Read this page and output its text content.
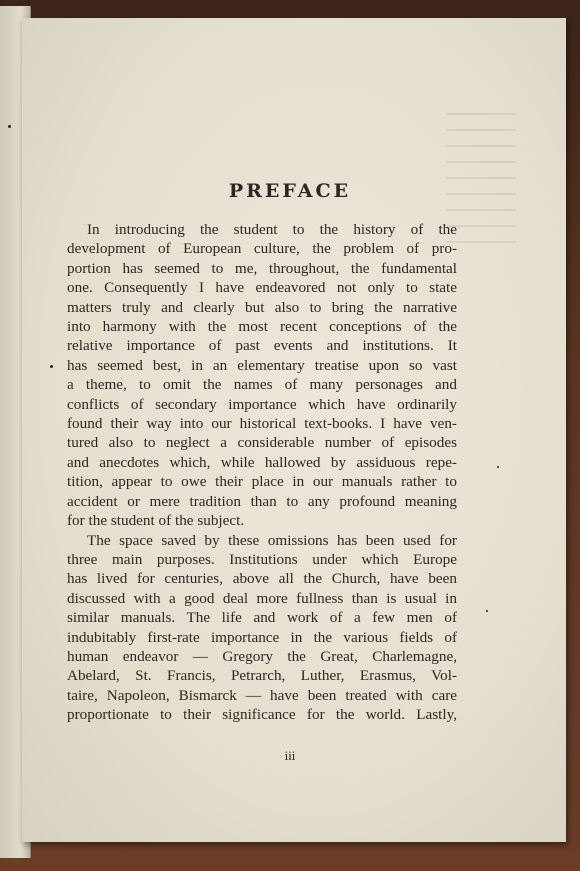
PREFACE
In introducing the student to the history of the
development of European culture, the problem of pro-
portion has seemed to me, throughout, the fundamental
one. Consequently I have endeavored not only to state
matters truly and clearly but also to bring the narrative
into harmony with the most recent conceptions of the
relative importance of past events and institutions. It
has seemed best, in an elementary treatise upon so vast
a theme, to omit the names of many personages and
conflicts of secondary importance which have ordinarily
found their way into our historical text-books. I have ven-
tured also to neglect a considerable number of episodes
and anecdotes which, while hallowed by assiduous repe-
tition, appear to owe their place in our manuals rather to
accident or mere tradition than to any profound meaning
for the student of the subject.
The space saved by these omissions has been used for
three main purposes. Institutions under which Europe
has lived for centuries, above all the Church, have been
discussed with a good deal more fullness than is usual in
similar manuals. The life and work of a few men of
indubitably first-rate importance in the various fields of
human endeavor — Gregory the Great, Charlemagne,
Abelard, St. Francis, Petrarch, Luther, Erasmus, Vol-
taire, Napoleon, Bismarck — have been treated with care
proportionate to their significance for the world. Lastly,
iii
